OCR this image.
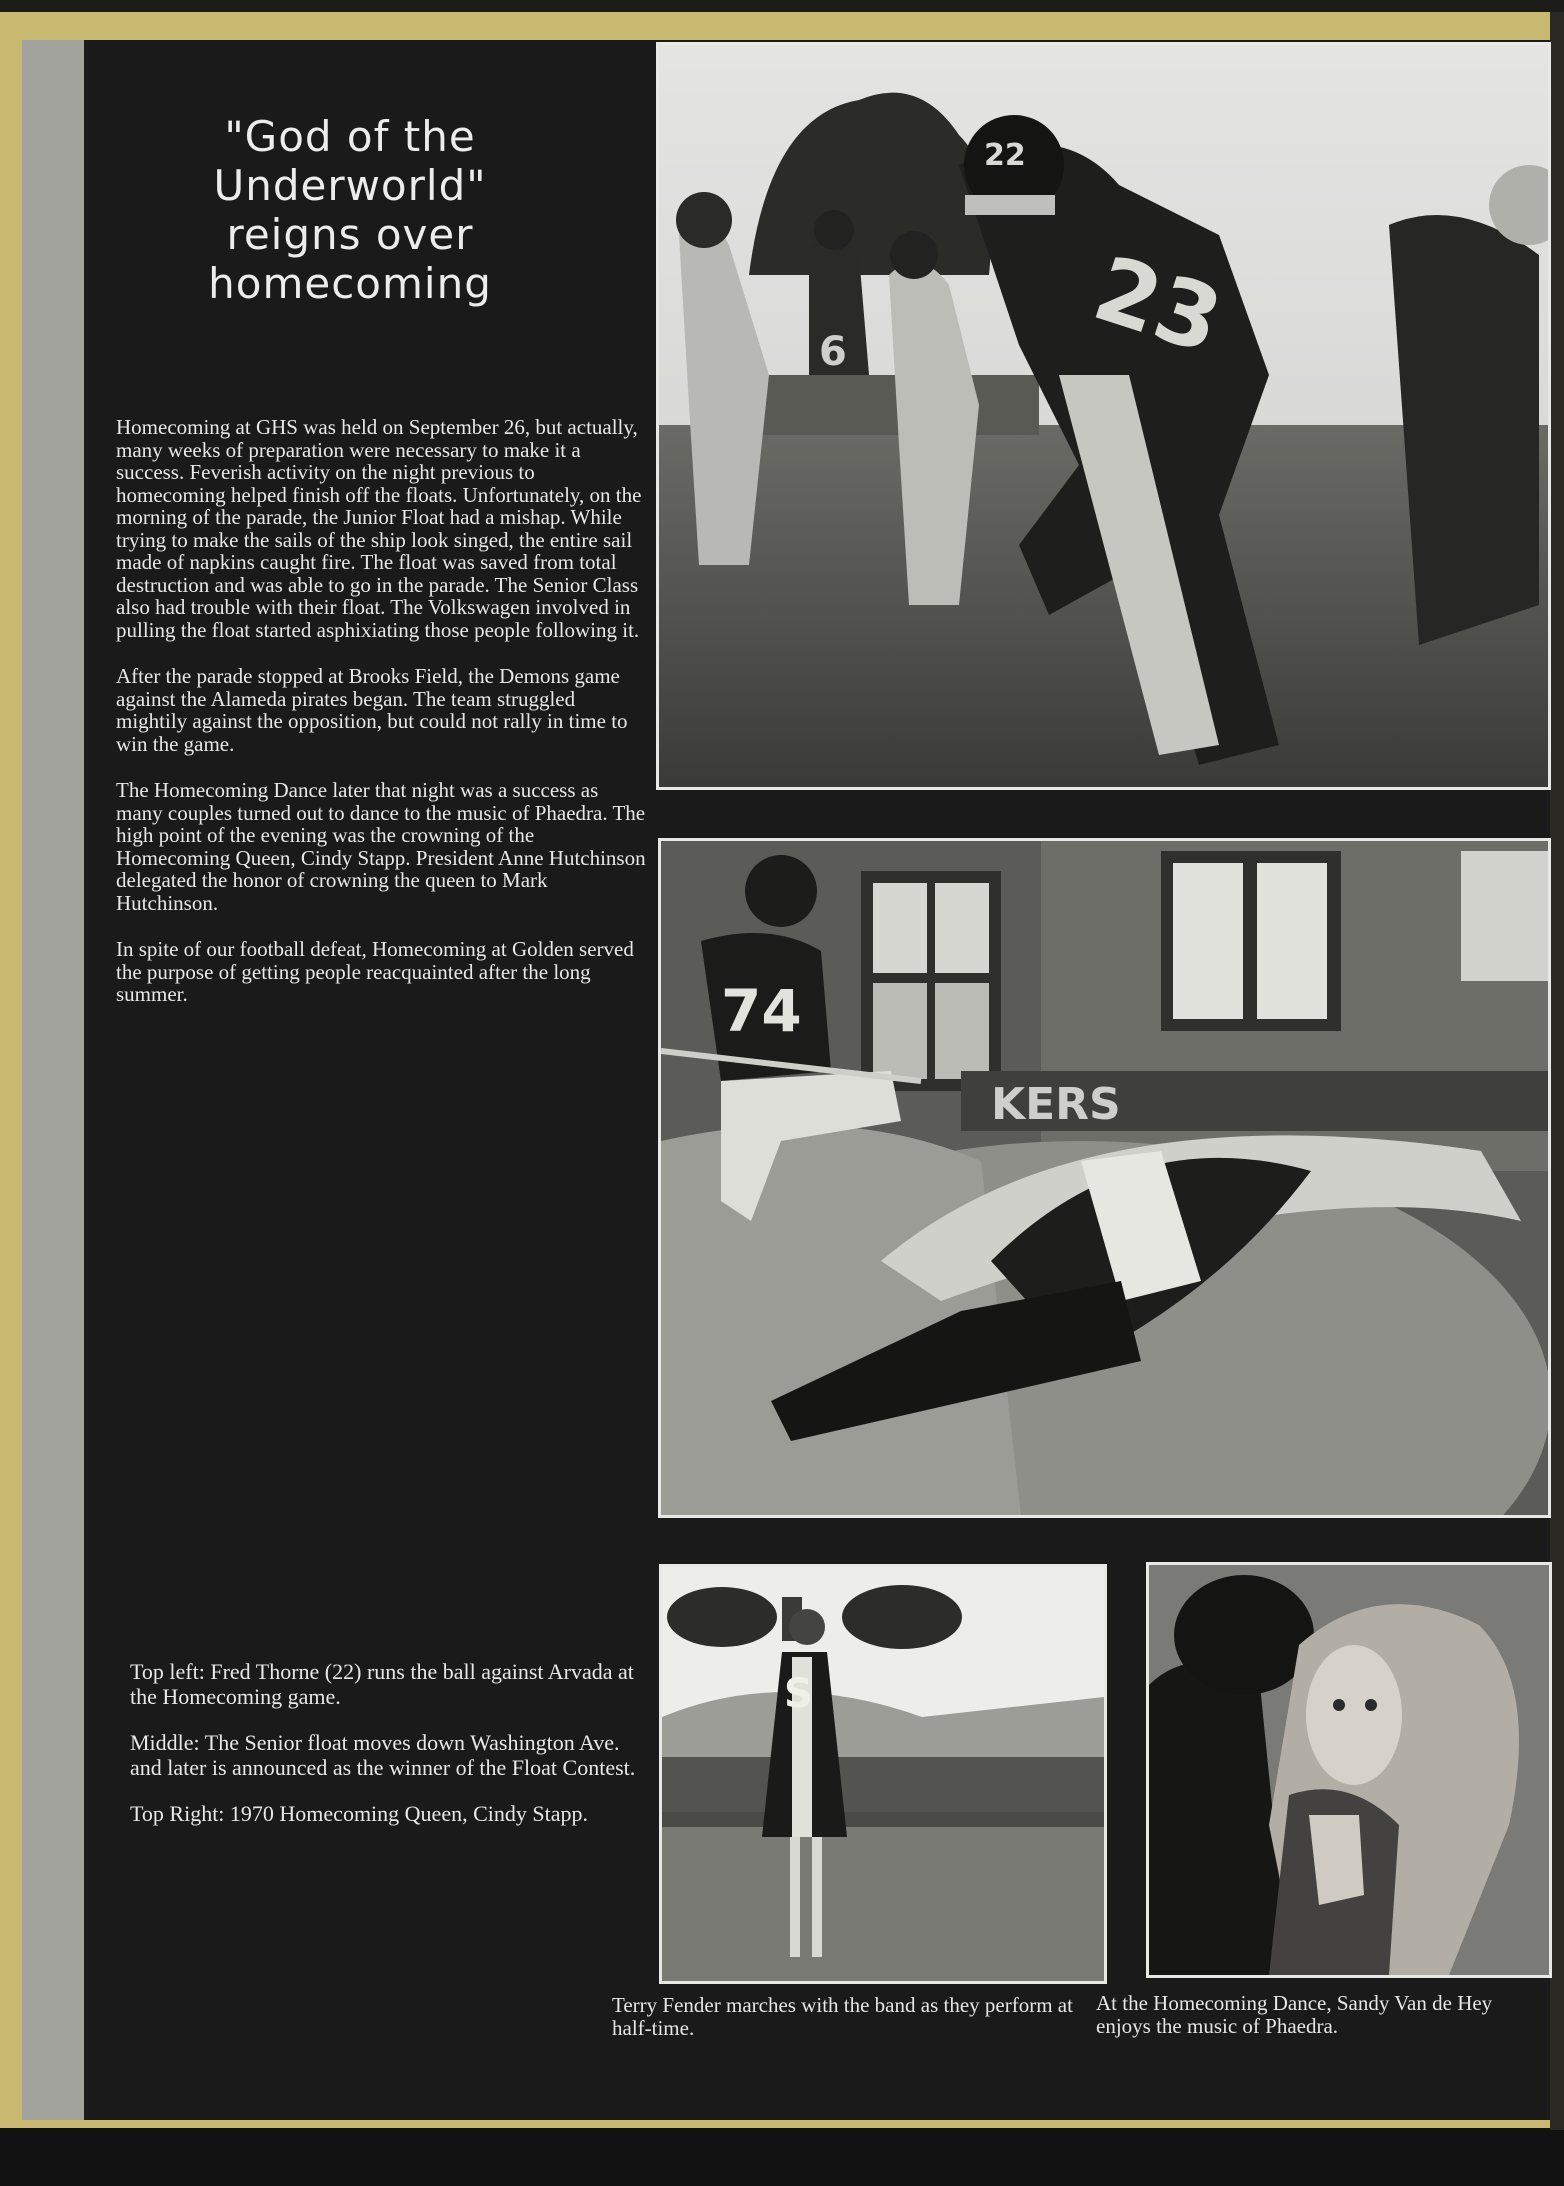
"God of the
Underworld"
reigns over
homecoming

Homecoming at GHS was held on September 26, but actually, many weeks of preparation were necessary to make it a success. Feverish activity on the night previous to homecoming helped finish off the floats. Unfortunately, on the morning of the parade, the Junior Float had a mishap. While trying to make the sails of the ship look singed, the entire sail made of napkins caught fire. The float was saved from total destruction and was able to go in the parade. The Senior Class also had trouble with their float. The Volkswagen involved in pulling the float started asphixiating those people following it.

After the parade stopped at Brooks Field, the Demons game against the Alameda pirates began. The team struggled mightily against the opposition, but could not rally in time to win the game.

The Homecoming Dance later that night was a success as many couples turned out to dance to the music of Phaedra. The high point of the evening was the crowning of the Homecoming Queen, Cindy Stapp. President Anne Hutchinson delegated the honor of crowning the queen to Mark Hutchinson.

In spite of our football defeat, Homecoming at Golden served the purpose of getting people reacquainted after the long summer.

Top left: Fred Thorne (22) runs the ball against Arvada at the Homecoming game.

Middle: The Senior float moves down Washington Ave. and later is announced as the winner of the Float Contest.

Top Right: 1970 Homecoming Queen, Cindy Stapp.

23
22
6
KERS
74
S
Terry Fender marches with the band as they perform at half-time.
At the Homecoming Dance, Sandy Van de Hey enjoys the music of Phaedra.
